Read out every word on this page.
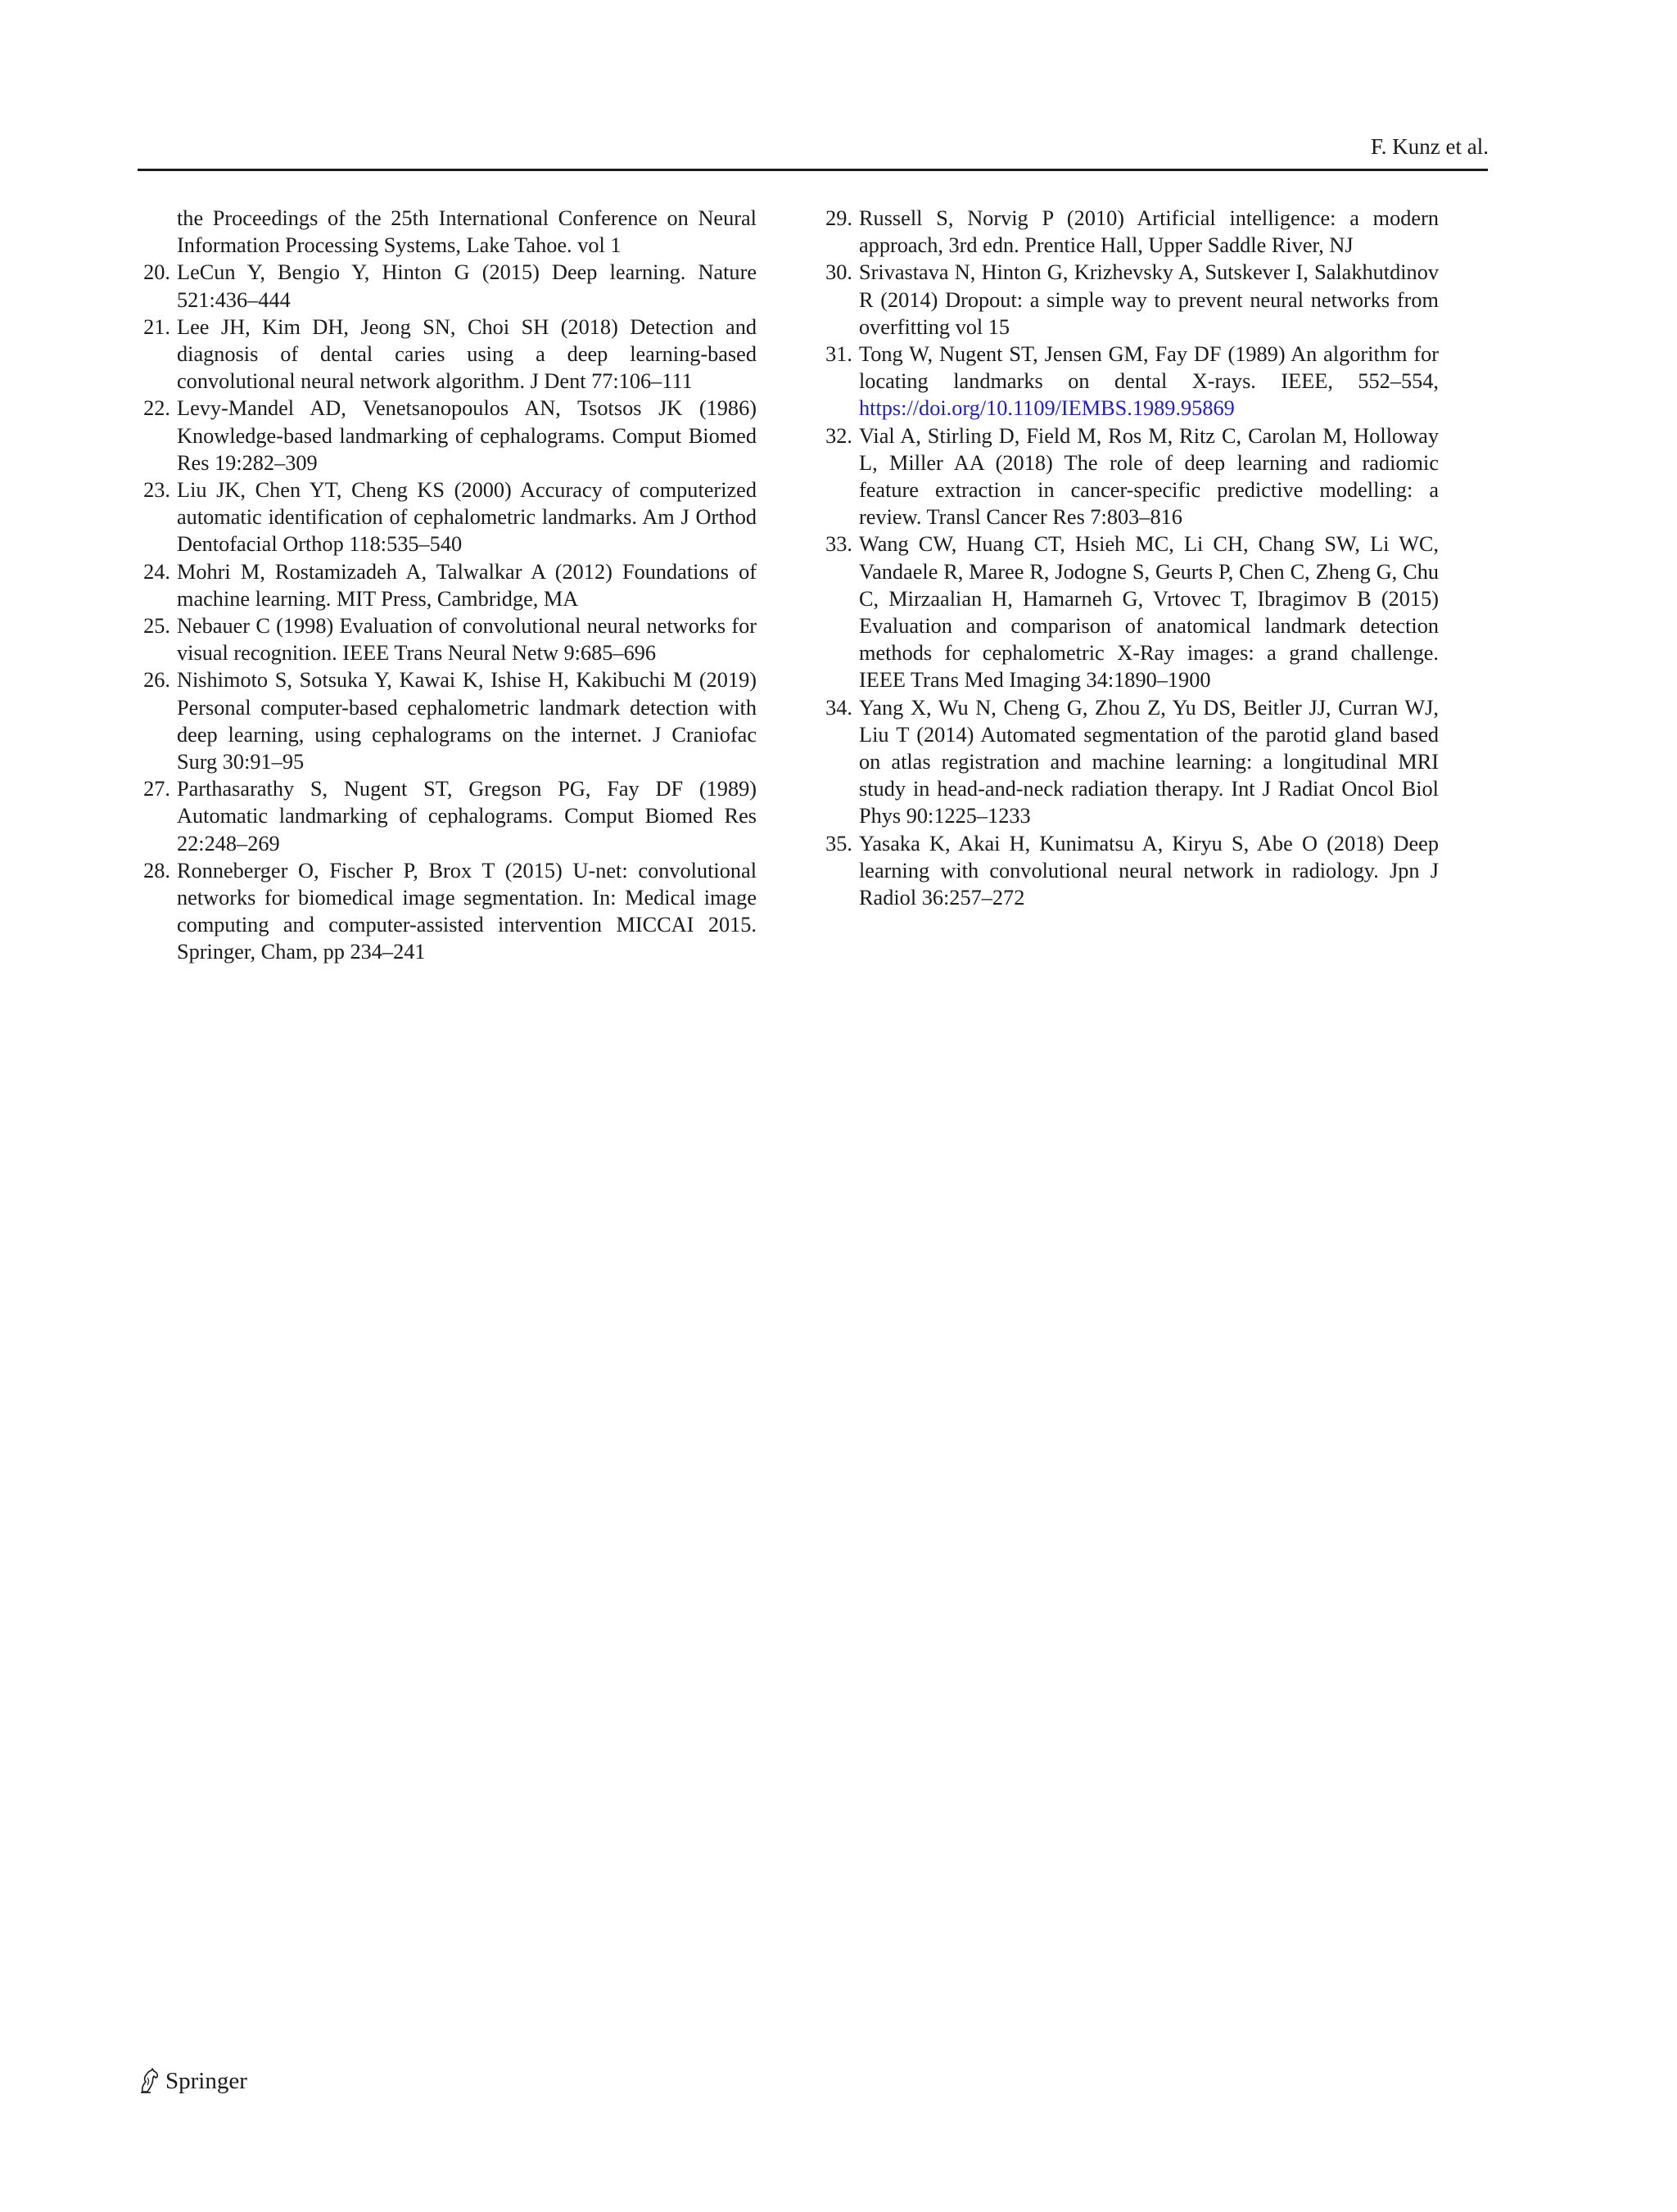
F. Kunz et al.
the Proceedings of the 25th International Conference on Neural Information Processing Systems, Lake Tahoe. vol 1
20. LeCun Y, Bengio Y, Hinton G (2015) Deep learning. Nature 521:436–444
21. Lee JH, Kim DH, Jeong SN, Choi SH (2018) Detection and diagnosis of dental caries using a deep learning-based convolutional neural network algorithm. J Dent 77:106–111
22. Levy-Mandel AD, Venetsanopoulos AN, Tsotsos JK (1986) Knowledge-based landmarking of cephalograms. Comput Biomed Res 19:282–309
23. Liu JK, Chen YT, Cheng KS (2000) Accuracy of computerized automatic identification of cephalometric landmarks. Am J Orthod Dentofacial Orthop 118:535–540
24. Mohri M, Rostamizadeh A, Talwalkar A (2012) Foundations of machine learning. MIT Press, Cambridge, MA
25. Nebauer C (1998) Evaluation of convolutional neural networks for visual recognition. IEEE Trans Neural Netw 9:685–696
26. Nishimoto S, Sotsuka Y, Kawai K, Ishise H, Kakibuchi M (2019) Personal computer-based cephalometric landmark detection with deep learning, using cephalograms on the internet. J Craniofac Surg 30:91–95
27. Parthasarathy S, Nugent ST, Gregson PG, Fay DF (1989) Automatic landmarking of cephalograms. Comput Biomed Res 22:248–269
28. Ronneberger O, Fischer P, Brox T (2015) U-net: convolutional networks for biomedical image segmentation. In: Medical image computing and computer-assisted intervention MICCAI 2015. Springer, Cham, pp 234–241
29. Russell S, Norvig P (2010) Artificial intelligence: a modern approach, 3rd edn. Prentice Hall, Upper Saddle River, NJ
30. Srivastava N, Hinton G, Krizhevsky A, Sutskever I, Salakhutdinov R (2014) Dropout: a simple way to prevent neural networks from overfitting vol 15
31. Tong W, Nugent ST, Jensen GM, Fay DF (1989) An algorithm for locating landmarks on dental X-rays. IEEE, 552–554, https://doi.org/10.1109/IEMBS.1989.95869
32. Vial A, Stirling D, Field M, Ros M, Ritz C, Carolan M, Holloway L, Miller AA (2018) The role of deep learning and radiomic feature extraction in cancer-specific predictive modelling: a review. Transl Cancer Res 7:803–816
33. Wang CW, Huang CT, Hsieh MC, Li CH, Chang SW, Li WC, Vandaele R, Maree R, Jodogne S, Geurts P, Chen C, Zheng G, Chu C, Mirzaalian H, Hamarneh G, Vrtovec T, Ibragimov B (2015) Evaluation and comparison of anatomical landmark detection methods for cephalometric X-Ray images: a grand challenge. IEEE Trans Med Imaging 34:1890–1900
34. Yang X, Wu N, Cheng G, Zhou Z, Yu DS, Beitler JJ, Curran WJ, Liu T (2014) Automated segmentation of the parotid gland based on atlas registration and machine learning: a longitudinal MRI study in head-and-neck radiation therapy. Int J Radiat Oncol Biol Phys 90:1225–1233
35. Yasaka K, Akai H, Kunimatsu A, Kiryu S, Abe O (2018) Deep learning with convolutional neural network in radiology. Jpn J Radiol 36:257–272
Springer
